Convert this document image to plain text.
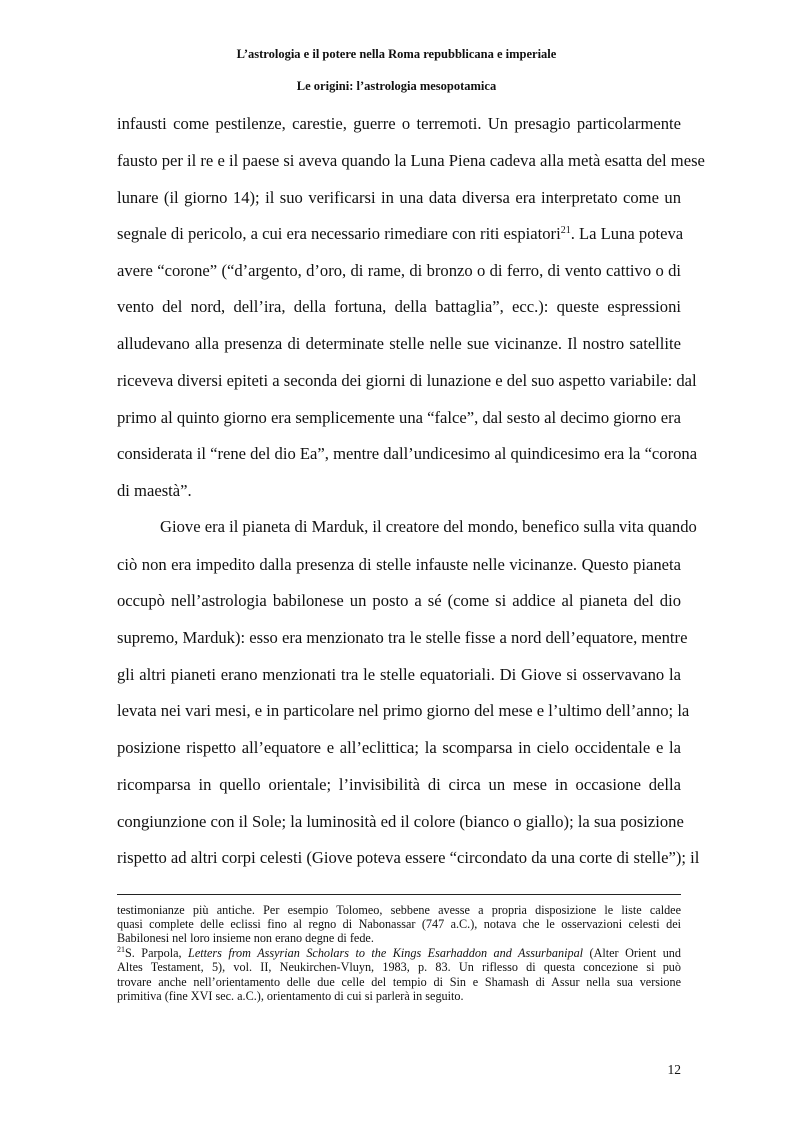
L’astrologia e il potere nella Roma repubblicana e imperiale
Le origini: l’astrologia mesopotamica
infausti come pestilenze, carestie, guerre o terremoti. Un presagio particolarmente
fausto per il re e il paese si aveva quando la Luna Piena cadeva alla metà esatta del mese
lunare (il giorno 14); il suo verificarsi in una data diversa era interpretato come un
segnale di pericolo, a cui era necessario rimediare con riti espiatori$^{21}$. La Luna poteva
avere “corone” (“d’argento, d’oro, di rame, di bronzo o di ferro, di vento cattivo o di
vento del nord, dell’ira, della fortuna, della battaglia”, ecc.): queste espressioni
alludevano alla presenza di determinate stelle nelle sue vicinanze. Il nostro satellite
riceveva diversi epiteti a seconda dei giorni di lunazione e del suo aspetto variabile: dal
primo al quinto giorno era semplicemente una “falce”, dal sesto al decimo giorno era
considerata il “rene del dio Ea”, mentre dall’undicesimo al quindicesimo era la “corona
di maestà”.
Giove era il pianeta di Marduk, il creatore del mondo, benefico sulla vita quando
ciò non era impedito dalla presenza di stelle infauste nelle vicinanze. Questo pianeta
occupò nell’astrologia babilonese un posto a sé (come si addice al pianeta del dio
supremo, Marduk): esso era menzionato tra le stelle fisse a nord dell’equatore, mentre
gli altri pianeti erano menzionati tra le stelle equatoriali. Di Giove si osservavano la
levata nei vari mesi, e in particolare nel primo giorno del mese e l’ultimo dell’anno; la
posizione rispetto all’equatore e all’eclittica; la scomparsa in cielo occidentale e la
ricomparsa in quello orientale; l’invisibilità di circa un mese in occasione della
congiunzione con il Sole; la luminosità ed il colore (bianco o giallo); la sua posizione
rispetto ad altri corpi celesti (Giove poteva essere “circondato da una corte di stelle”); il
testimonianze più antiche. Per esempio Tolomeo, sebbene avesse a propria disposizione le liste caldee
quasi complete delle eclissi fino al regno di Nabonassar (747 a.C.), notava che le osservazioni celesti dei
Babilonesi nel loro insieme non erano degne di fede.
$^{21}$S. Parpola, Letters from Assyrian Scholars to the Kings Esarhaddon and Assurbanipal (Alter Orient und
Altes Testament, 5), vol. II, Neukirchen-Vluyn, 1983, p. 83. Un riflesso di questa concezione si può
trovare anche nell’orientamento delle due celle del tempio di Sin e Shamash di Assur nella sua versione
primitiva (fine XVI sec. a.C.), orientamento di cui si parlerà in seguito.
12
